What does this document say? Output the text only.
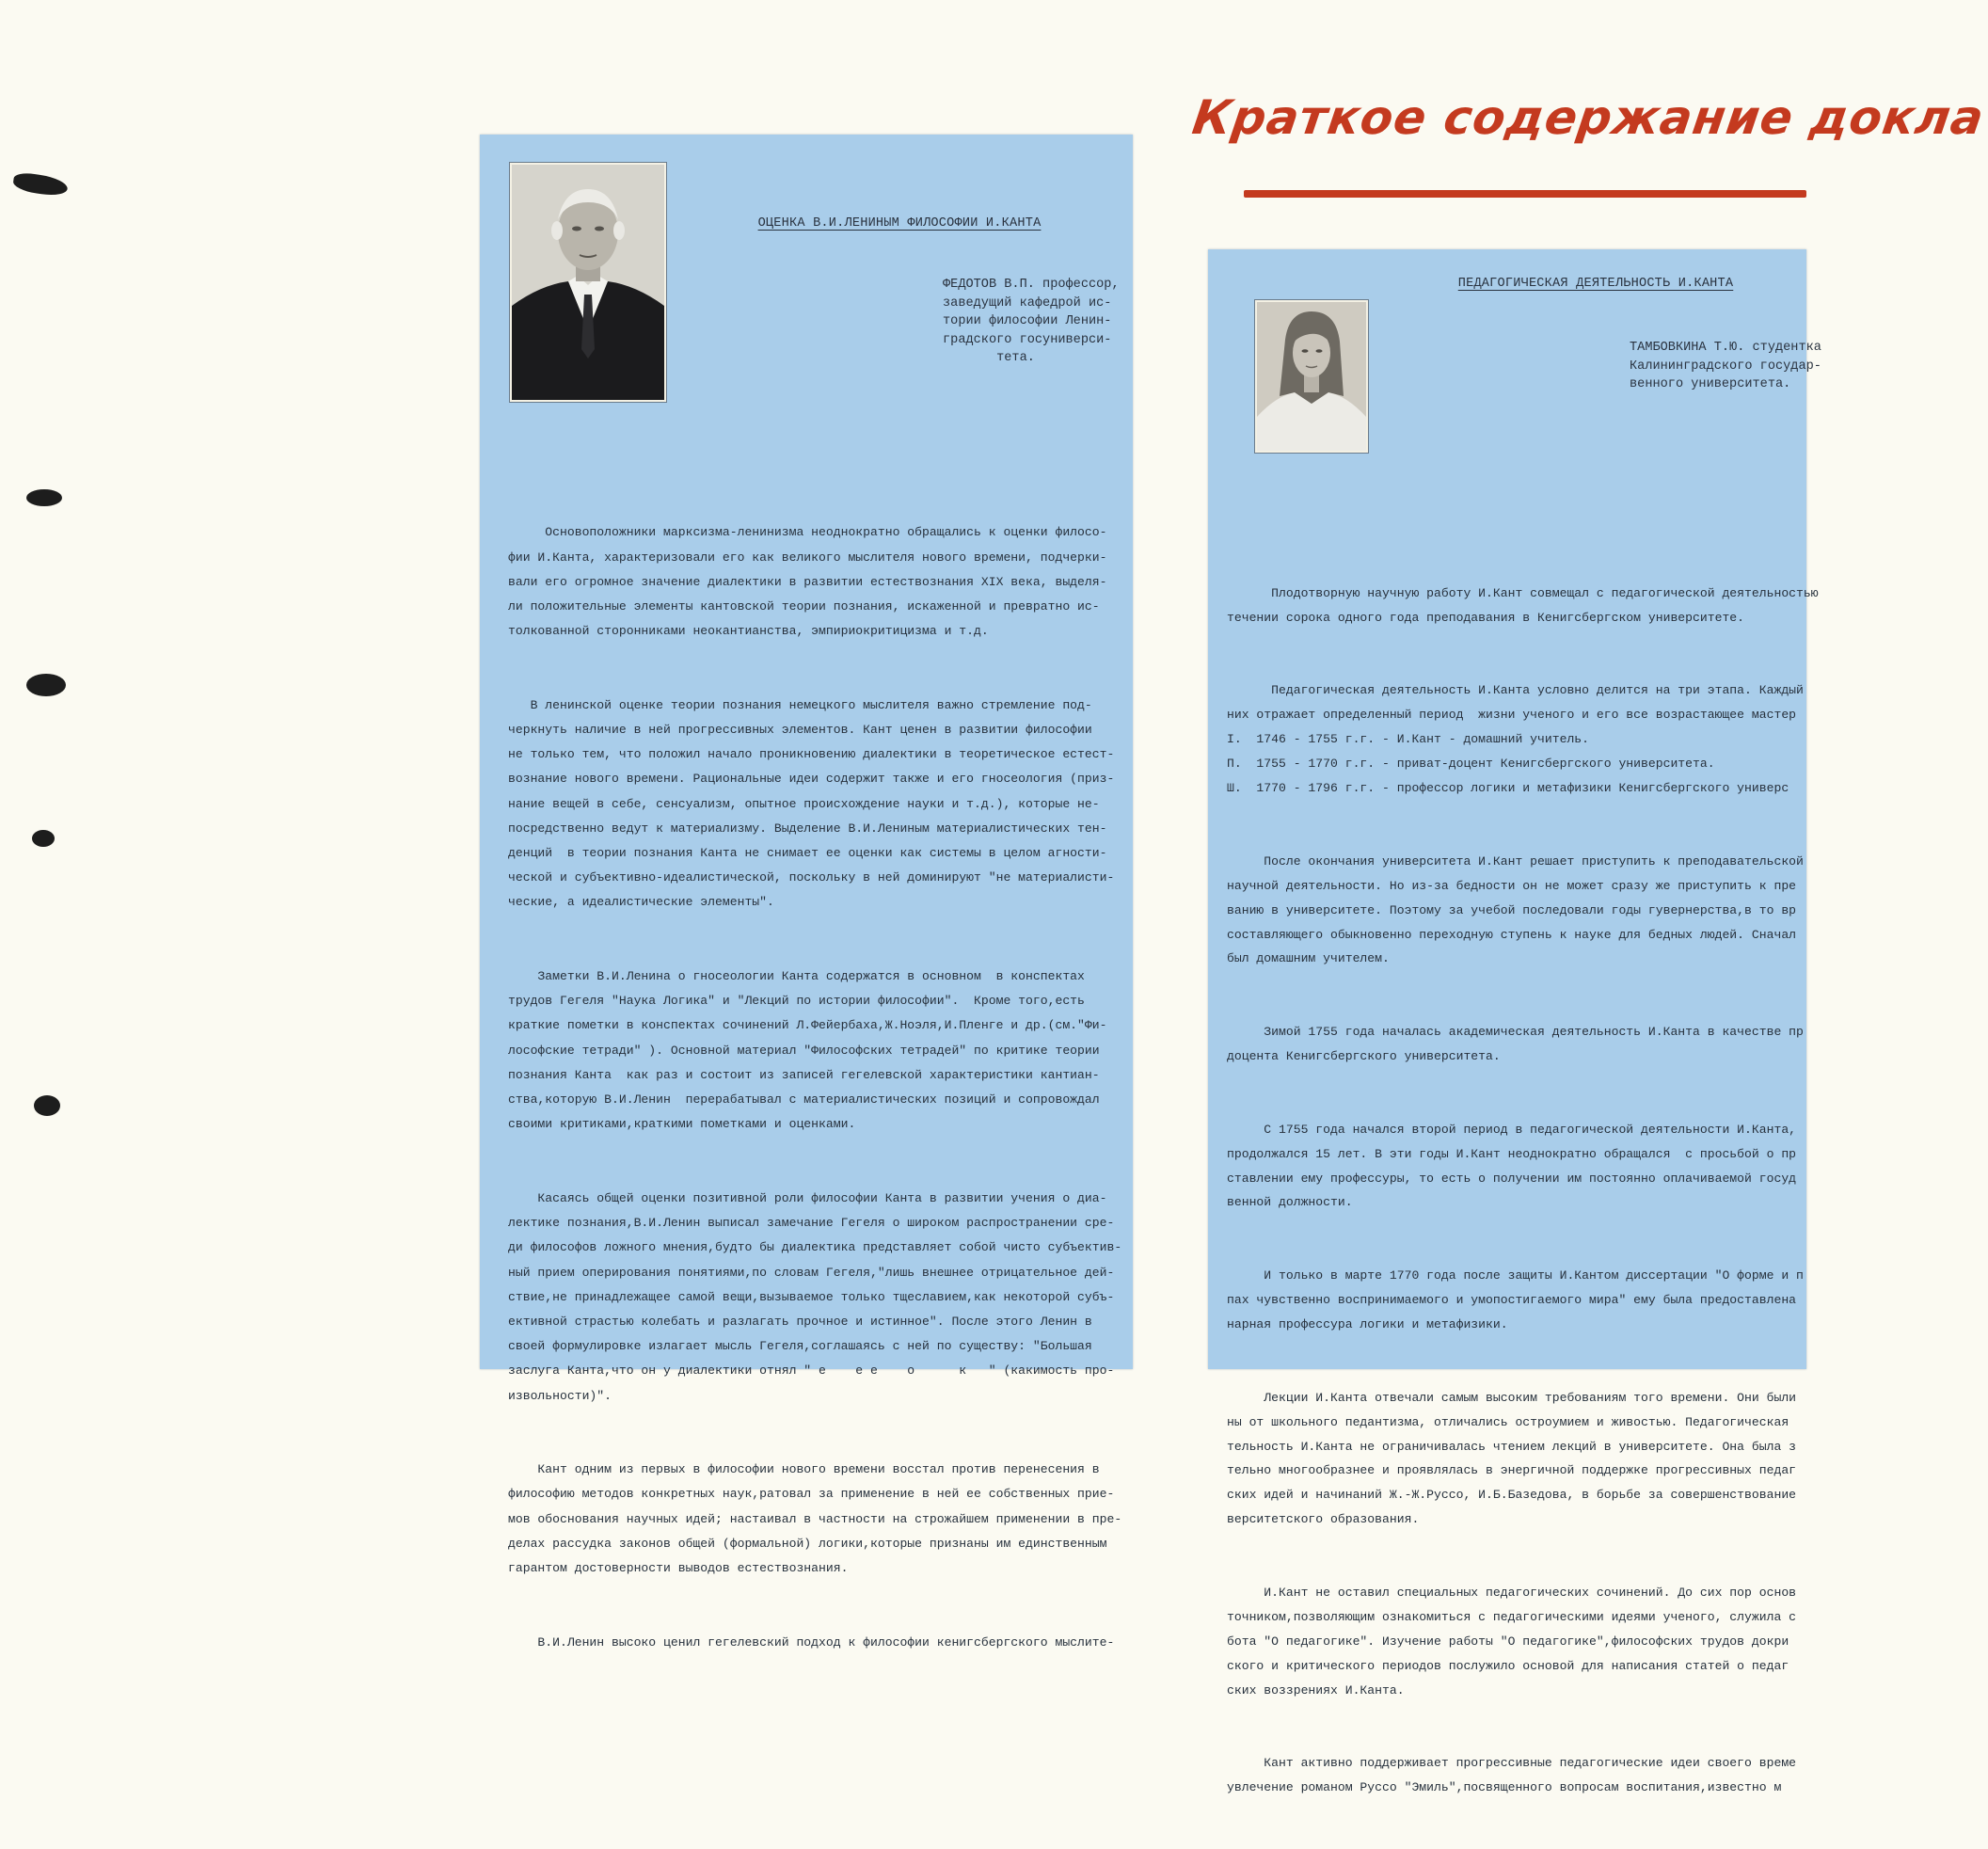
Краткое содержание докла
ОЦЕНКА В.И.ЛЕНИНЫМ ФИЛОСОФИИ И.КАНТА
ФЕДОТОВ В.П. профессор,
заведущий кафедрой ис-
тории философии Ленин-
градского госуниверси-
тета.

Основоположники марксизма-ленинизма неоднократно обращались к оценки филосо-
фии И.Канта, характеризовали его как великого мыслителя нового времени, подчерки-
вали его огромное значение диалектики в развитии естествознания XIX века, выделя-
ли положительные элементы кантовской теории познания, искаженной и превратно ис-
толкованной сторонниками неокантианства, эмпириокритицизма и т.д.

В ленинской оценке теории познания немецкого мыслителя важно стремление под-
черкнуть наличие в ней прогрессивных элементов. Кант ценен в развитии философии
не только тем, что положил начало проникновению диалектики в теоретическое естест-
вознание нового времени. Рациональные идеи содержит также и его гносеология (приз-
нание вещей в себе, сенсуализм, опытное происхождение науки и т.д.), которые не-
посредственно ведут к материализму. Выделение В.И.Лениным материалистических тен-
денций  в теории познания Канта не снимает ее оценки как системы в целом агности-
ческой и субъективно-идеалистической, поскольку в ней доминируют "не материалисти-
ческие, а идеалистические элементы".

Заметки В.И.Ленина о гносеологии Канта содержатся в основном  в конспектах
трудов Гегеля "Наука Логика" и "Лекций по истории философии".  Кроме того,есть
краткие пометки в конспектах сочинений Л.Фейербаха,Ж.Ноэля,И.Пленге и др.(см."Фи-
лософские тетради" ). Основной материал "Философских тетрадей" по критике теории
познания Канта  как раз и состоит из записей гегелевской характеристики кантиан-
ства,которую В.И.Ленин  перерабатывал с материалистических позиций и сопровождал
своими критиками,краткими пометками и оценками.

Касаясь общей оценки позитивной роли философии Канта в развитии учения о диа-
лектике познания,В.И.Ленин выписал замечание Гегеля о широком распространении сре-
ди философов ложного мнения,будто бы диалектика представляет собой чисто субъектив-
ный прием оперирования понятиями,по словам Гегеля,"лишь внешнее отрицательное дей-
ствие,не принадлежащее самой вещи,вызываемое только тщеславием,как некоторой субъ-
ективной страстью колебать и разлагать прочное и истинное". После этого Ленин в
своей формулировке излагает мысль Гегеля,соглашаясь с ней по существу: "Большая
заслуга Канта,что он у диалектики отнял " е    е е    о      к   " (какимость про-
извольности)".

Кант одним из первых в философии нового времени восстал против перенесения в
философию методов конкретных наук,ратовал за применение в ней ее собственных прие-
мов обоснования научных идей; настаивал в частности на строжайшем применении в пре-
делах рассудка законов общей (формальной) логики,которые признаны им единственным
гарантом достоверности выводов естествознания.

В.И.Ленин высоко ценил гегелевский подход к философии кенигсбергского мыслите-

ПЕДАГОГИЧЕСКАЯ ДЕЯТЕЛЬНОСТЬ И.КАНТА
ТАМБОВКИНА Т.Ю. студентка
Калининградского государ-
венного университета.

Плодотворную научную работу И.Кант совмещал с педагогической деятельностью
течении сорока одного года преподавания в Кенигсбергском университете.

Педагогическая деятельность И.Канта условно делится на три этапа. Каждый
них отражает определенный период  жизни ученого и его все возрастающее мастер
I.  1746 - 1755 г.г. - И.Кант - домашний учитель.
П.  1755 - 1770 г.г. - приват-доцент Кенигсбергского университета.
Ш.  1770 - 1796 г.г. - профессор логики и метафизики Кенигсбергского универс

После окончания университета И.Кант решает приступить к преподавательской
научной деятельности. Но из-за бедности он не может сразу же приступить к пре
ванию в университете. Поэтому за учебой последовали годы гувернерства,в то вр
составляющего обыкновенно переходную ступень к науке для бедных людей. Сначал
был домашним учителем.

Зимой 1755 года началась академическая деятельность И.Канта в качестве пр
доцента Кенигсбергского университета.

С 1755 года начался второй период в педагогической деятельности И.Канта,
продолжался 15 лет. В эти годы И.Кант неоднократно обращался  с просьбой о пр
ставлении ему профессуры, то есть о получении им постоянно оплачиваемой госуд
венной должности.

И только в марте 1770 года после защиты И.Кантом диссертации "О форме и п
пах чувственно воспринимаемого и умопостигаемого мира" ему была предоставлена
нарная профессура логики и метафизики.

Лекции И.Канта отвечали самым высоким требованиям того времени. Они были
ны от школьного педантизма, отличались остроумием и живостью. Педагогическая
тельность И.Канта не ограничивалась чтением лекций в университете. Она была з
тельно многообразнее и проявлялась в энергичной поддержке прогрессивных педаг
ских идей и начинаний Ж.-Ж.Руссо, И.Б.Базедова, в борьбе за совершенствование
верситетского образования.

И.Кант не оставил специальных педагогических сочинений. До сих пор основ
точником,позволяющим ознакомиться с педагогическими идеями ученого, служила с
бота "О педагогике". Изучение работы "О педагогике",философских трудов докри
ского и критического периодов послужило основой для написания статей о педаг
ских воззрениях И.Канта.

Кант активно поддерживает прогрессивные педагогические идеи своего време
увлечение романом Руссо "Эмиль",посвященного вопросам воспитания,известно м
